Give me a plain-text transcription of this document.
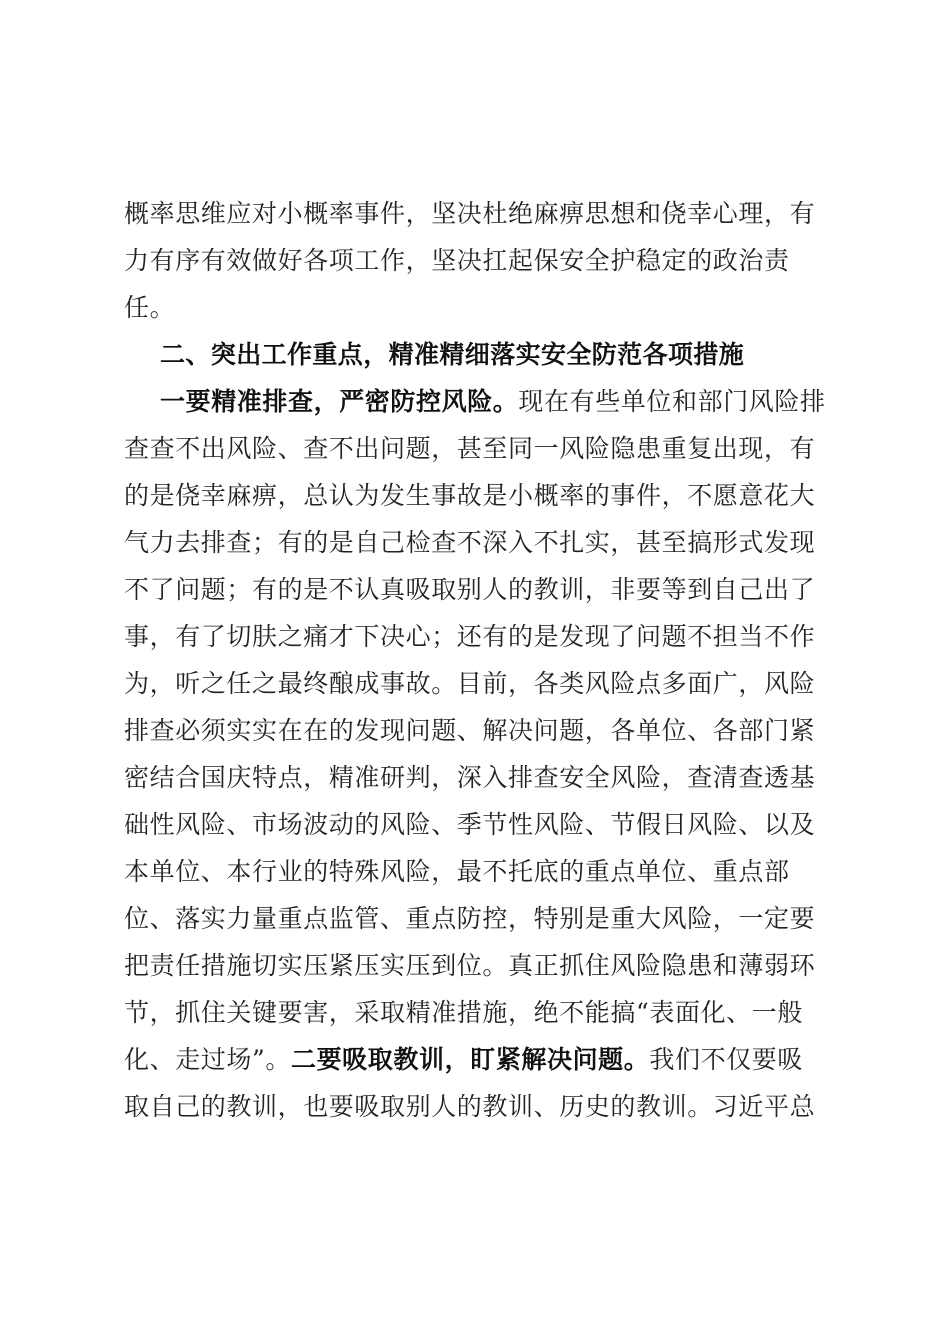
概率思维应对小概率事件，坚决杜绝麻痹思想和侥幸心理，有
力有序有效做好各项工作，坚决扛起保安全护稳定的政治责
任。
二、突出工作重点，精准精细落实安全防范各项措施
一要精准排查，严密防控风险。现在有些单位和部门风险排
查查不出风险、查不出问题，甚至同一风险隐患重复出现，有
的是侥幸麻痹，总认为发生事故是小概率的事件，不愿意花大
气力去排查；有的是自己检查不深入不扎实，甚至搞形式发现
不了问题；有的是不认真吸取别人的教训，非要等到自己出了
事，有了切肤之痛才下决心；还有的是发现了问题不担当不作
为，听之任之最终酿成事故。目前，各类风险点多面广，风险
排查必须实实在在的发现问题、解决问题，各单位、各部门紧
密结合国庆特点，精准研判，深入排查安全风险，查清查透基
础性风险、市场波动的风险、季节性风险、节假日风险、以及
本单位、本行业的特殊风险，最不托底的重点单位、重点部
位、落实力量重点监管、重点防控，特别是重大风险，一定要
把责任措施切实压紧压实压到位。真正抓住风险隐患和薄弱环
节，抓住关键要害，采取精准措施，绝不能搞“表面化、一般
化、走过场”。二要吸取教训，盯紧解决问题。我们不仅要吸
取自己的教训，也要吸取别人的教训、历史的教训。习近平总
